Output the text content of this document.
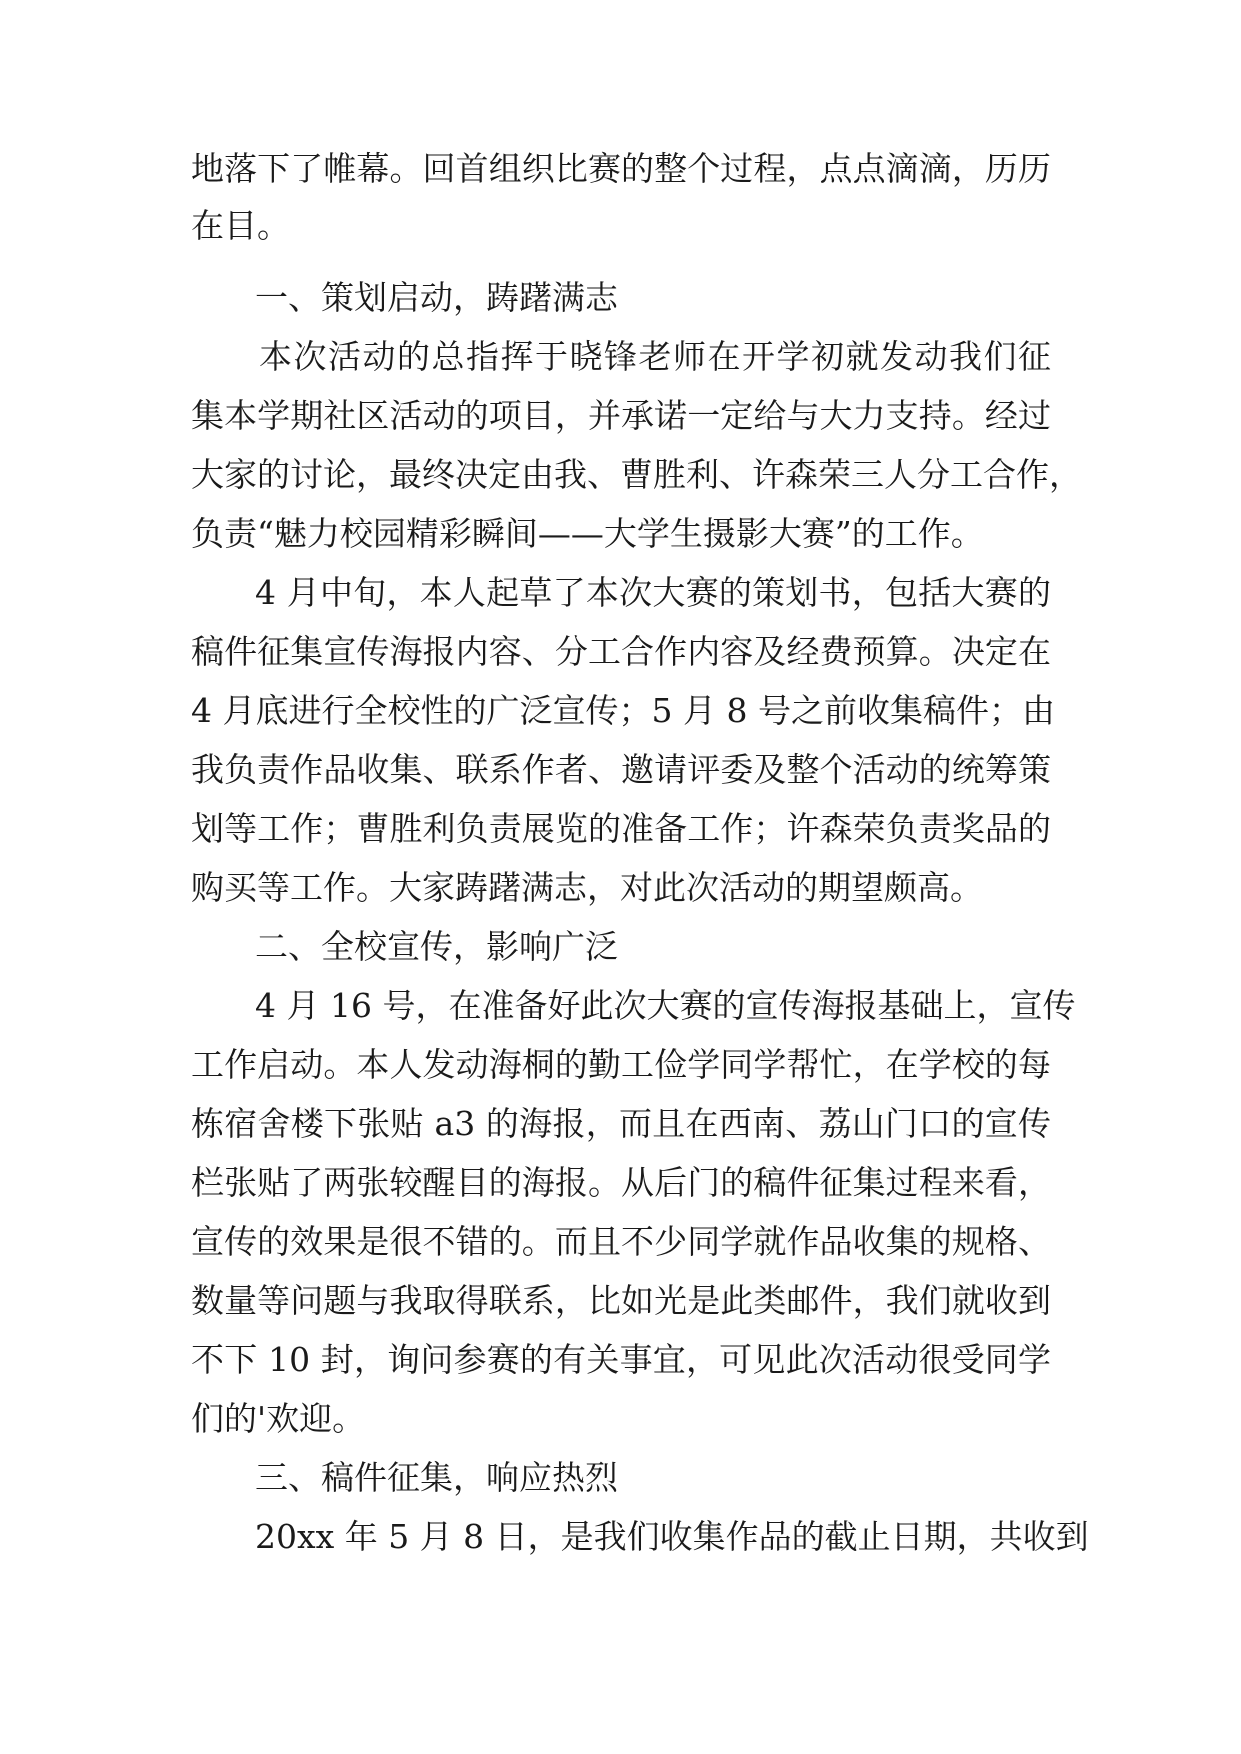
地落下了帷幕。回首组织比赛的整个过程，点点滴滴，历历

在目。

一、策划启动，踌躇满志

本次活动的总指挥于晓锋老师在开学初就发动我们征

集本学期社区活动的项目，并承诺一定给与大力支持。经过

大家的讨论，最终决定由我、曹胜利、许森荣三人分工合作，

负责“魅力校园精彩瞬间——大学生摄影大赛”的工作。

4 月中旬，本人起草了本次大赛的策划书，包括大赛的

稿件征集宣传海报内容、分工合作内容及经费预算。决定在

4 月底进行全校性的广泛宣传；5 月 8 号之前收集稿件；由

我负责作品收集、联系作者、邀请评委及整个活动的统筹策

划等工作；曹胜利负责展览的准备工作；许森荣负责奖品的

购买等工作。大家踌躇满志，对此次活动的期望颇高。

二、全校宣传，影响广泛

4 月 16 号，在准备好此次大赛的宣传海报基础上，宣传

工作启动。本人发动海桐的勤工俭学同学帮忙，在学校的每

栋宿舍楼下张贴 a3 的海报，而且在西南、荔山门口的宣传

栏张贴了两张较醒目的海报。从后门的稿件征集过程来看，

宣传的效果是很不错的。而且不少同学就作品收集的规格、

数量等问题与我取得联系，比如光是此类邮件，我们就收到

不下 10 封，询问参赛的有关事宜，可见此次活动很受同学

们的'欢迎。

三、稿件征集，响应热烈

20xx 年 5 月 8 日，是我们收集作品的截止日期，共收到
